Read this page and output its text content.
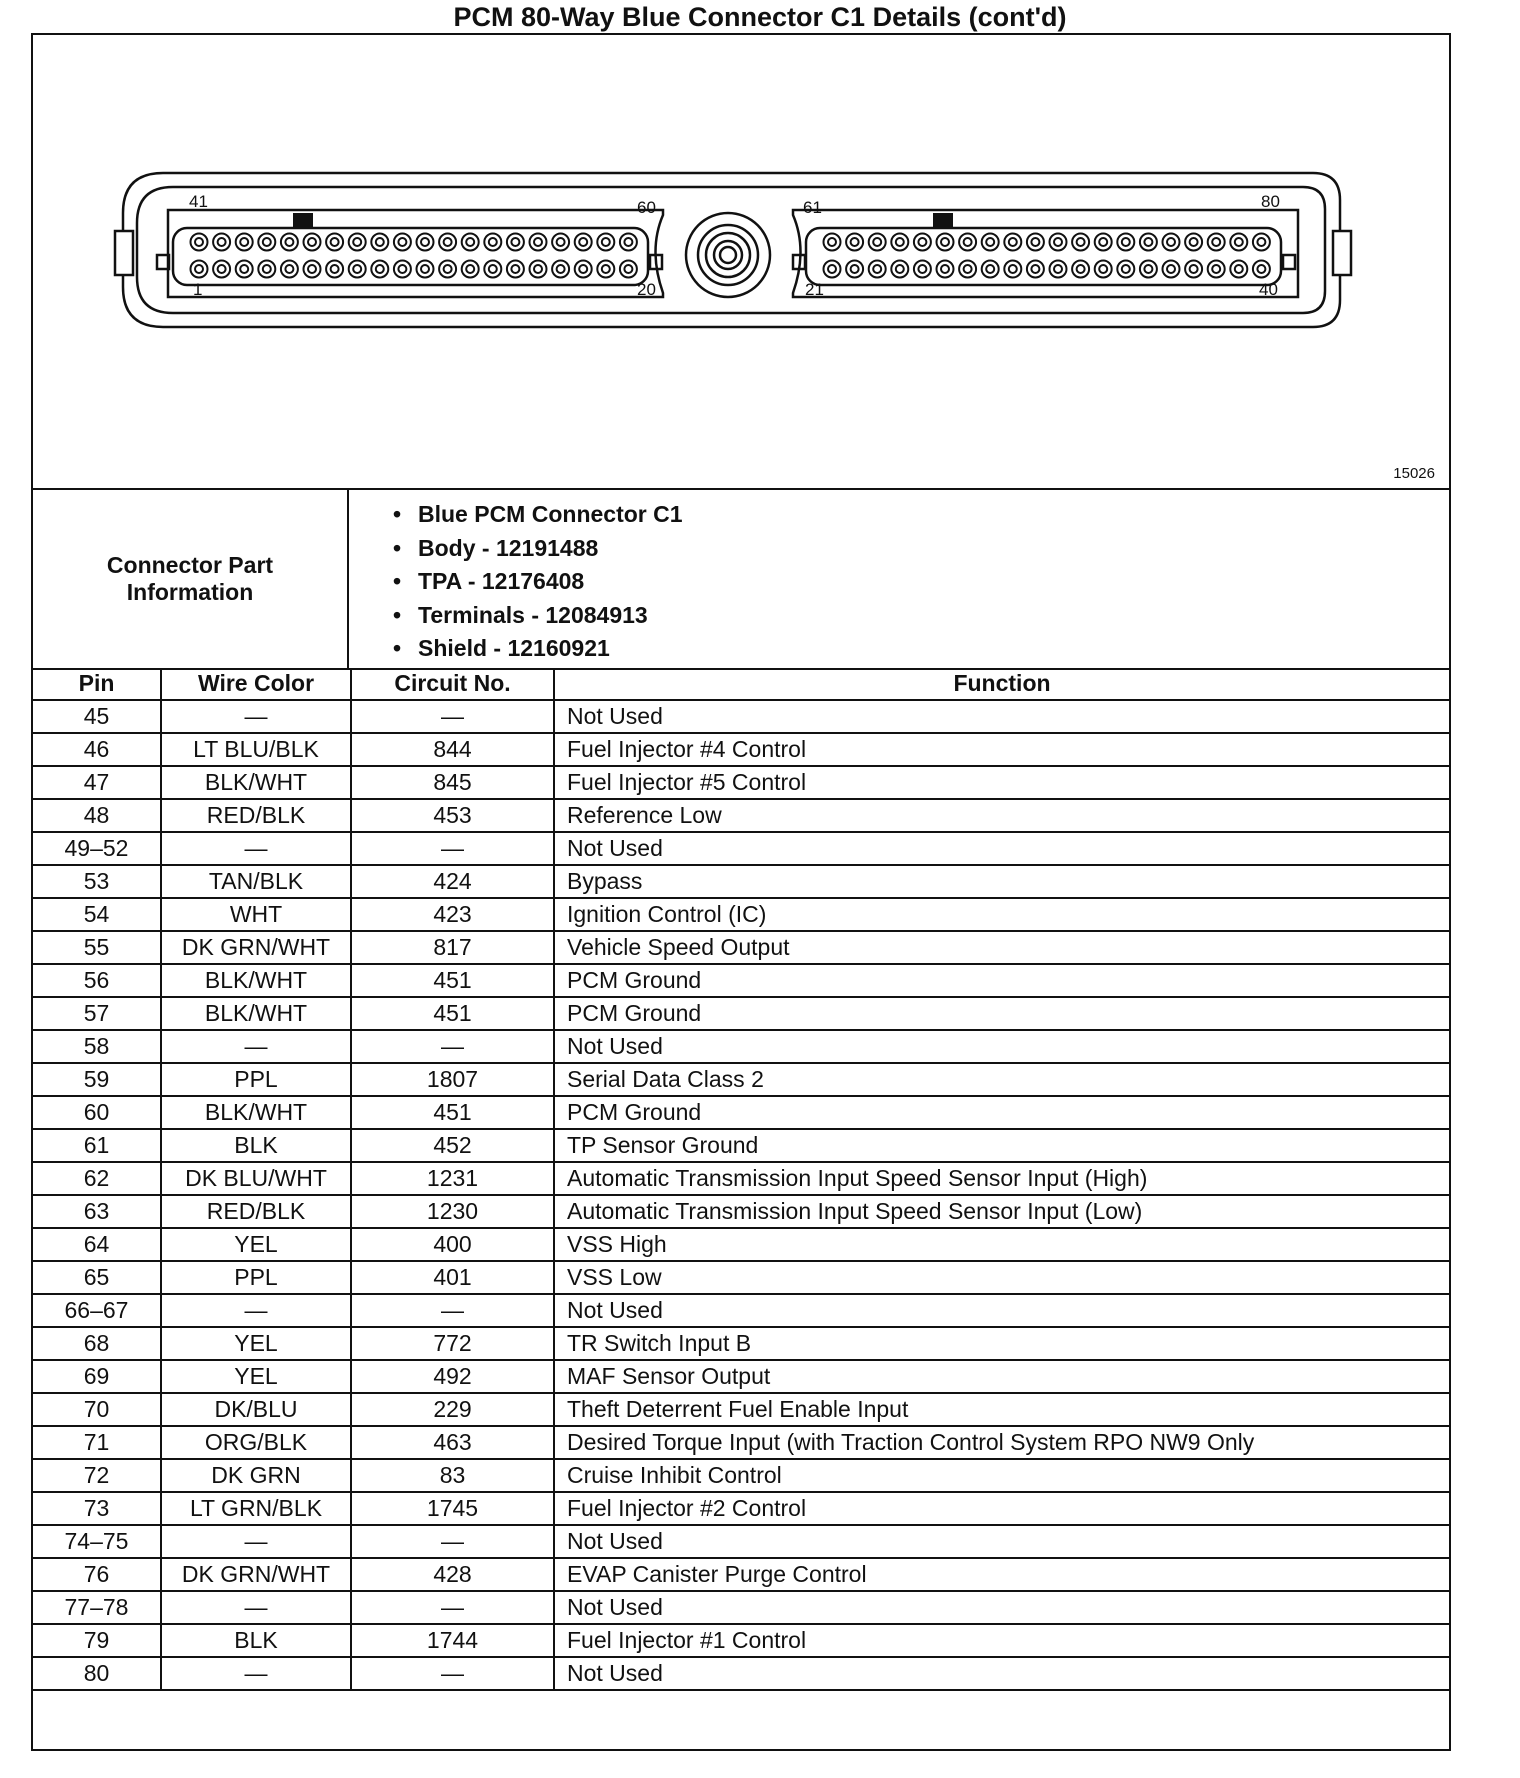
PCM 80-Way Blue Connector C1 Details (cont'd)
41	60
1	20
61	80
21	40
15026
Connector Part Information
• Blue PCM Connector C1
• Body - 12191488
• TPA - 12176408
• Terminals - 12084913
• Shield - 12160921
Pin	Wire Color	Circuit No.	Function
45	—	—	Not Used
46	LT BLU/BLK	844	Fuel Injector #4 Control
47	BLK/WHT	845	Fuel Injector #5 Control
48	RED/BLK	453	Reference Low
49–52	—	—	Not Used
53	TAN/BLK	424	Bypass
54	WHT	423	Ignition Control (IC)
55	DK GRN/WHT	817	Vehicle Speed Output
56	BLK/WHT	451	PCM Ground
57	BLK/WHT	451	PCM Ground
58	—	—	Not Used
59	PPL	1807	Serial Data Class 2
60	BLK/WHT	451	PCM Ground
61	BLK	452	TP Sensor Ground
62	DK BLU/WHT	1231	Automatic Transmission Input Speed Sensor Input (High)
63	RED/BLK	1230	Automatic Transmission Input Speed Sensor Input (Low)
64	YEL	400	VSS High
65	PPL	401	VSS Low
66–67	—	—	Not Used
68	YEL	772	TR Switch Input B
69	YEL	492	MAF Sensor Output
70	DK/BLU	229	Theft Deterrent Fuel Enable Input
71	ORG/BLK	463	Desired Torque Input (with Traction Control System RPO NW9 Only
72	DK GRN	83	Cruise Inhibit Control
73	LT GRN/BLK	1745	Fuel Injector #2 Control
74–75	—	—	Not Used
76	DK GRN/WHT	428	EVAP Canister Purge Control
77–78	—	—	Not Used
79	BLK	1744	Fuel Injector #1 Control
80	—	—	Not Used
